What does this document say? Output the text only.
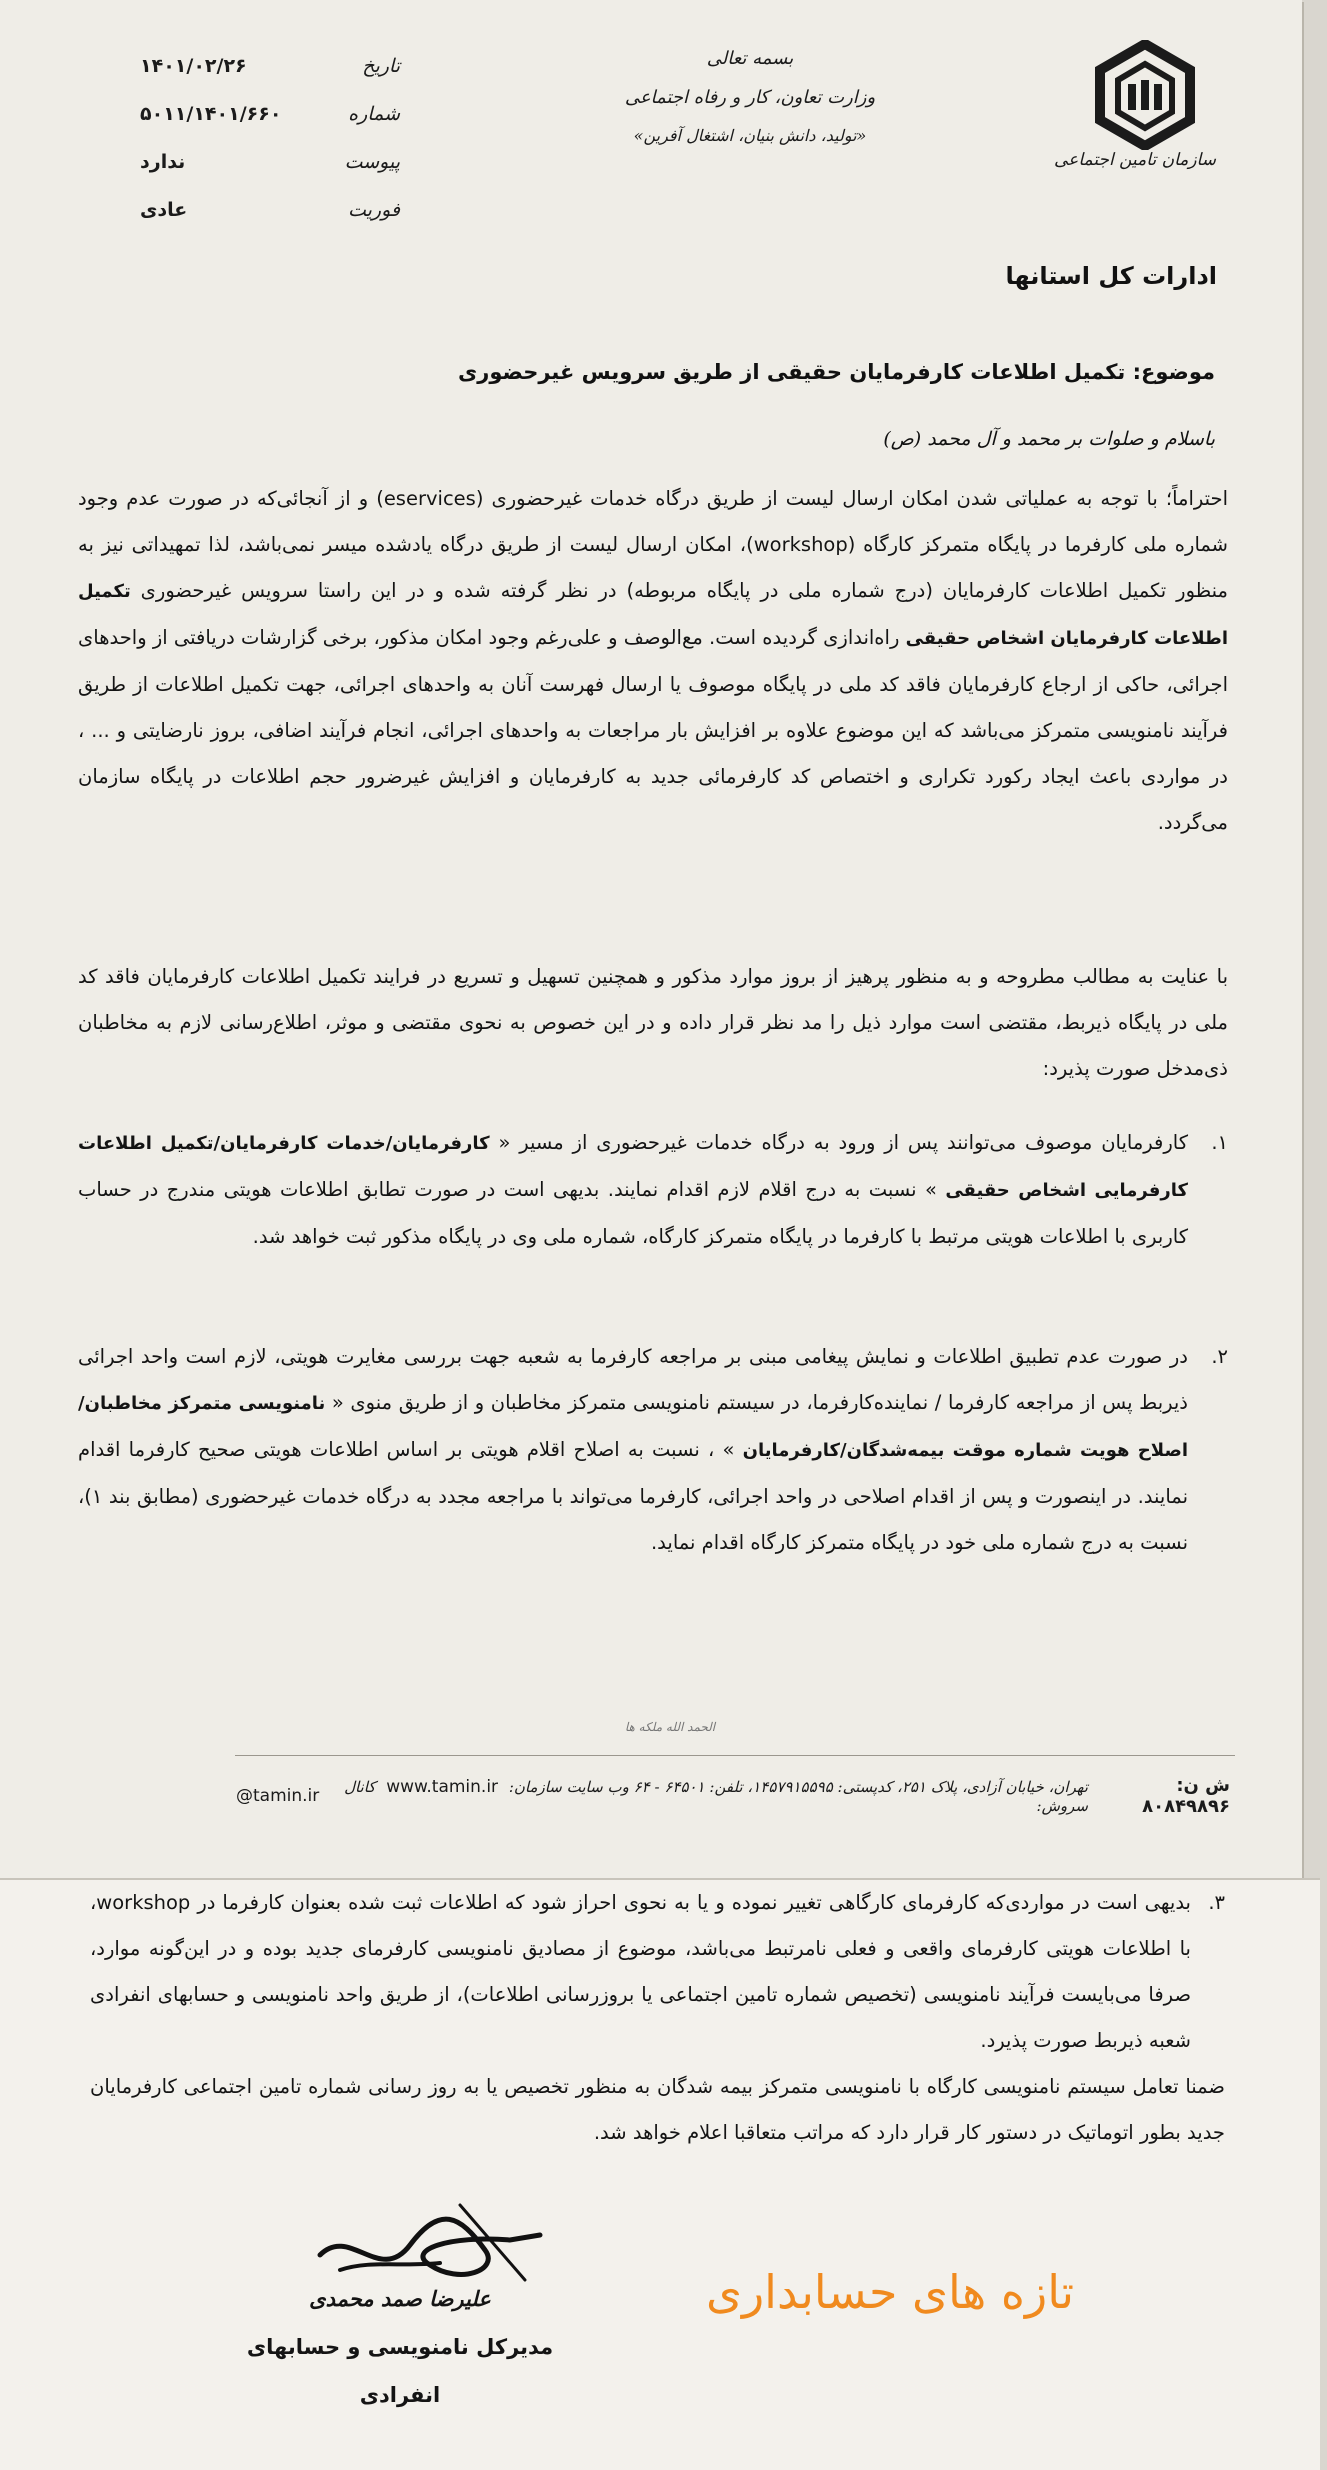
سازمان تامین اجتماعی
بسمه تعالی
وزارت تعاون، کار و رفاه اجتماعی
«تولید، دانش بنیان، اشتغال آفرین»
۱۴۰۱/۰۲/۲۶	تاریخ
۵۰۱۱/۱۴۰۱/۶۶۰	شماره
ندارد	پیوست
عادی	فوریت
ادارات کل استانها
موضوع: تکمیل اطلاعات کارفرمایان حقیقی از طریق سرویس غیرحضوری
باسلام و صلوات بر محمد و آل محمد (ص)
احتراماً؛ با توجه به عملیاتی شدن امکان ارسال لیست از طریق درگاه خدمات غیرحضوری (eservices) و از آنجائی‌که در صورت عدم وجود شماره ملی کارفرما در پایگاه متمرکز کارگاه (workshop)، امکان ارسال لیست از طریق درگاه یادشده میسر نمی‌باشد، لذا تمهیداتی نیز به منظور تکمیل اطلاعات کارفرمایان (درج شماره ملی در پایگاه مربوطه) در نظر گرفته شده و در این راستا سرویس غیرحضوری تکمیل اطلاعات کارفرمایان اشخاص حقیقی راه‌اندازی گردیده است. مع‌الوصف و علی‌رغم وجود امکان مذکور، برخی گزارشات دریافتی از واحدهای اجرائی، حاکی از ارجاع کارفرمایان فاقد کد ملی در پایگاه موصوف یا ارسال فهرست آنان به واحدهای اجرائی، جهت تکمیل اطلاعات از طریق فرآیند نامنویسی متمرکز می‌باشد که این موضوع علاوه بر افزایش بار مراجعات به واحدهای اجرائی، انجام فرآیند اضافی، بروز نارضایتی و ... ، در مواردی باعث ایجاد رکورد تکراری و اختصاص کد کارفرمائی جدید به کارفرمایان و افزایش غیرضرور حجم اطلاعات در پایگاه سازمان می‌گردد.
با عنایت به مطالب مطروحه و به منظور پرهیز از بروز موارد مذکور و همچنین تسهیل و تسریع در فرایند تکمیل اطلاعات کارفرمایان فاقد کد ملی در پایگاه ذیربط، مقتضی است موارد ذیل را مد نظر قرار داده و در این خصوص به نحوی مقتضی و موثر، اطلاع‌رسانی لازم به مخاطبان ذی‌مدخل صورت پذیرد:
۱.
کارفرمایان موصوف می‌توانند پس از ورود به درگاه خدمات غیرحضوری از مسیر « کارفرمایان/خدمات کارفرمایان/تکمیل اطلاعات کارفرمایی اشخاص حقیقی » نسبت به درج اقلام لازم اقدام نمایند. بدیهی است در صورت تطابق اطلاعات هویتی مندرج در حساب کاربری با اطلاعات هویتی مرتبط با کارفرما در پایگاه متمرکز کارگاه، شماره ملی وی در پایگاه مذکور ثبت خواهد شد.
۲.
در صورت عدم تطبیق اطلاعات و نمایش پیغامی مبنی بر مراجعه کارفرما به شعبه جهت بررسی مغایرت هویتی، لازم است واحد اجرائی ذیربط پس از مراجعه کارفرما / نماینده‌کارفرما، در سیستم نامنویسی متمرکز مخاطبان و از طریق منوی « نامنویسی متمرکز مخاطبان/اصلاح هویت شماره موقت بیمه‌شدگان/کارفرمایان » ، نسبت به اصلاح اقلام هویتی بر اساس اطلاعات هویتی صحیح کارفرما اقدام نمایند. در اینصورت و پس از اقدام اصلاحی در واحد اجرائی، کارفرما می‌تواند با مراجعه مجدد به درگاه خدمات غیرحضوری (مطابق بند ۱)، نسبت به درج شماره ملی خود در پایگاه متمرکز کارگاه اقدام نماید.
الحمد الله ملکه ها
@tamin.ir	تهران، خیابان آزادی، پلاک ۲۵۱، کدپستی: ۱۴۵۷۹۱۵۵۹۵، تلفن: ۶۴۵۰۱ - ۶۴ وب سایت سازمان: www.tamin.ir کانال سروش:
ش ن: ۸۰۸۴۹۸۹۶
۳.
بدیهی است در مواردی‌که کارفرمای کارگاهی تغییر نموده و یا به نحوی احراز شود که اطلاعات ثبت شده بعنوان کارفرما در workshop، با اطلاعات هویتی کارفرمای واقعی و فعلی نامرتبط می‌باشد، موضوع از مصادیق نامنویسی کارفرمای جدید بوده و در این‌گونه موارد، صرفا می‌بایست فرآیند نامنویسی (تخصیص شماره تامین اجتماعی یا بروزرسانی اطلاعات)، از طریق واحد نامنویسی و حسابهای انفرادی شعبه ذیربط صورت پذیرد.
ضمنا تعامل سیستم نامنویسی کارگاه با نامنویسی متمرکز بیمه شدگان به منظور تخصیص یا به روز رسانی شماره تامین اجتماعی کارفرمایان جدید بطور اتوماتیک در دستور کار قرار دارد که مراتب متعاقبا اعلام خواهد شد.
علیرضا صمد محمدی
مدیرکل نامنویسی و حسابهای
انفرادی
تازه های حسابداری
